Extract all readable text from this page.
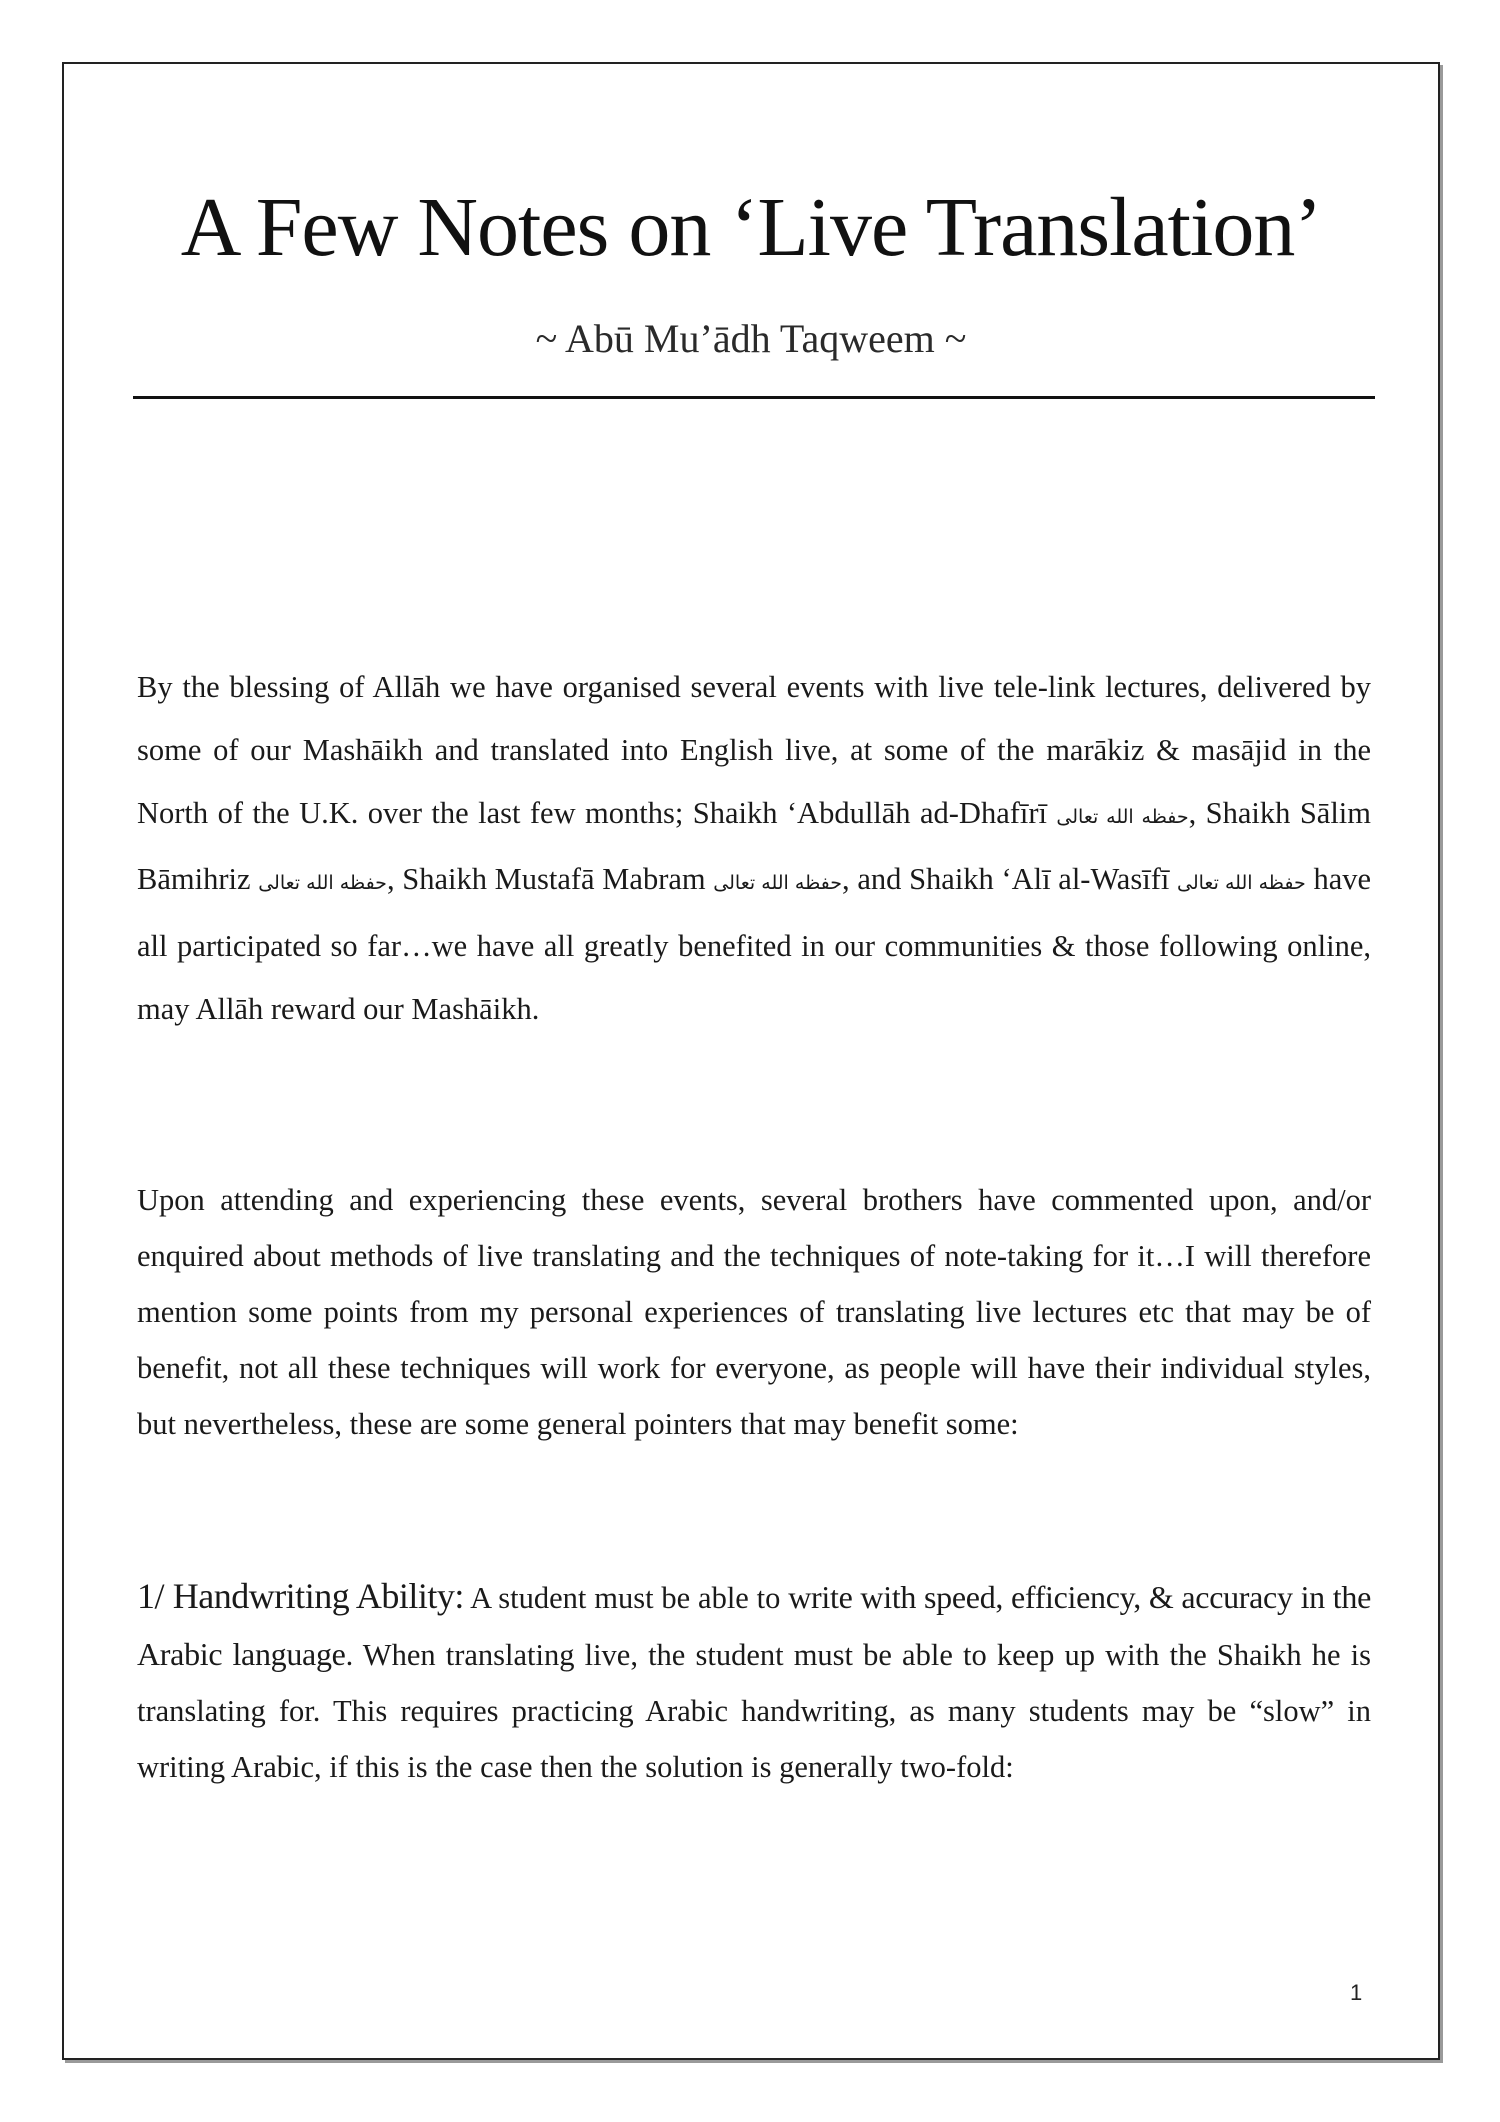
A Few Notes on ‘Live Translation’
~ Abū Mu’ādh Taqweem ~

By the blessing of Allāh we have organised several events with live tele-link lectures, delivered by some of our Mashāikh and translated into English live, at some of the marākiz & masājid in the North of the U.K. over the last few months; Shaikh ‘Abdullāh ad-Dhafīrī حفظه الله تعالى, Shaikh Sālim Bāmihriz حفظه الله تعالى, Shaikh Mustafā Mabram حفظه الله تعالى, and Shaikh ‘Alī al-Wasīfī حفظه الله تعالى have all participated so far…we have all greatly benefited in our communities & those following online, may Allāh reward our Mashāikh.

Upon attending and experiencing these events, several brothers have commented upon, and/or enquired about methods of live translating and the techniques of note-taking for it…I will therefore mention some points from my personal experiences of translating live lectures etc that may be of benefit, not all these techniques will work for everyone, as people will have their individual styles, but nevertheless, these are some general pointers that may benefit some:

1/ Handwriting Ability: A student must be able to write with speed, efficiency, & accuracy in the Arabic language. When translating live, the student must be able to keep up with the Shaikh he is translating for. This requires practicing Arabic handwriting, as many students may be “slow” in writing Arabic, if this is the case then the solution is generally two-fold:

1
